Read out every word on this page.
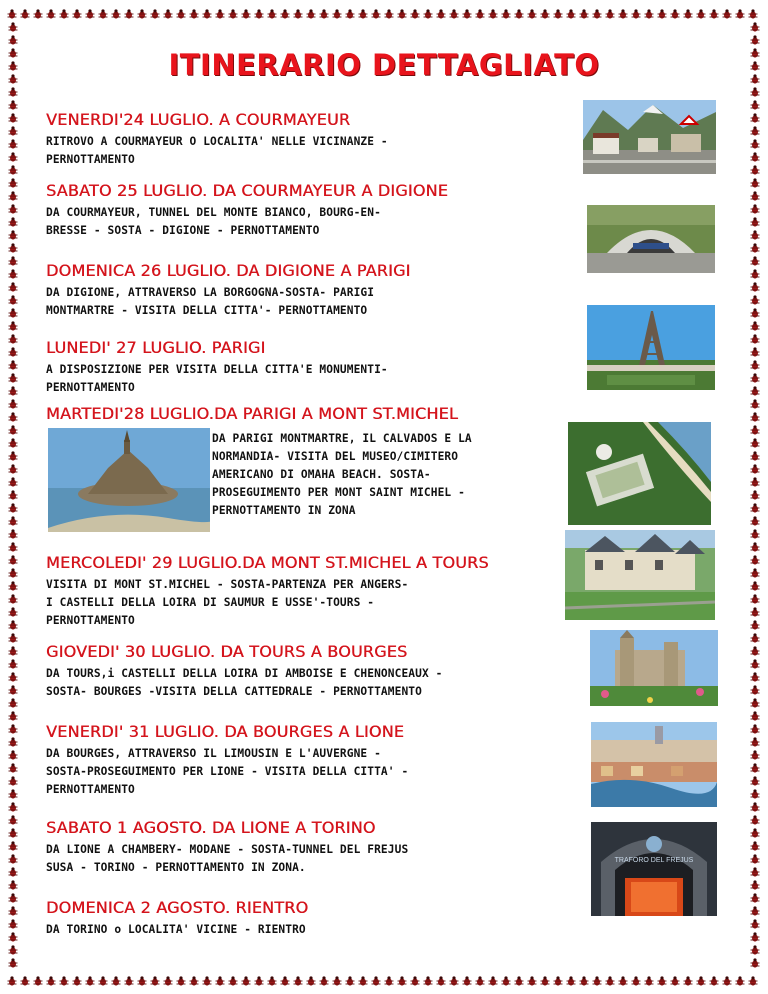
ITINERARIO DETTAGLIATO
VENERDI'24 LUGLIO. A COURMAYEUR
RITROVO A COURMAYEUR O LOCALITA' NELLE VICINANZE -
PERNOTTAMENTO
SABATO 25 LUGLIO. DA COURMAYEUR A DIGIONE
DA COURMAYEUR, TUNNEL DEL MONTE BIANCO, BOURG-EN-
BRESSE - SOSTA - DIGIONE - PERNOTTAMENTO
DOMENICA 26 LUGLIO. DA DIGIONE A PARIGI
DA DIGIONE, ATTRAVERSO LA BORGOGNA-SOSTA- PARIGI
MONTMARTRE - VISITA DELLA CITTA'- PERNOTTAMENTO
LUNEDI' 27 LUGLIO. PARIGI
A DISPOSIZIONE PER VISITA DELLA CITTA'E MONUMENTI-
PERNOTTAMENTO
MARTEDI'28 LUGLIO.DA PARIGI A MONT ST.MICHEL
DA PARIGI MONTMARTRE, IL CALVADOS E LA
NORMANDIA- VISITA DEL MUSEO/CIMITERO
AMERICANO DI OMAHA BEACH. SOSTA-
PROSEGUIMENTO PER MONT SAINT MICHEL -
PERNOTTAMENTO IN ZONA
MERCOLEDI' 29 LUGLIO.DA MONT ST.MICHEL A TOURS
VISITA DI MONT ST.MICHEL - SOSTA-PARTENZA PER ANGERS-
I CASTELLI DELLA LOIRA DI SAUMUR E USSE'-TOURS -
PERNOTTAMENTO
GIOVEDI' 30 LUGLIO. DA TOURS A BOURGES
DA TOURS,i CASTELLI DELLA LOIRA DI AMBOISE E CHENONCEAUX -
SOSTA- BOURGES -VISITA DELLA CATTEDRALE - PERNOTTAMENTO
VENERDI' 31 LUGLIO. DA BOURGES A LIONE
DA BOURGES, ATTRAVERSO IL LIMOUSIN E L'AUVERGNE -
SOSTA-PROSEGUIMENTO PER LIONE - VISITA DELLA CITTA' -
PERNOTTAMENTO
SABATO 1 AGOSTO. DA LIONE A TORINO
DA LIONE A CHAMBERY- MODANE - SOSTA-TUNNEL DEL FREJUS
SUSA - TORINO - PERNOTTAMENTO IN ZONA.
DOMENICA 2 AGOSTO. RIENTRO
DA TORINO o LOCALITA' VICINE - RIENTRO
TRAFORO DEL FREJUS
